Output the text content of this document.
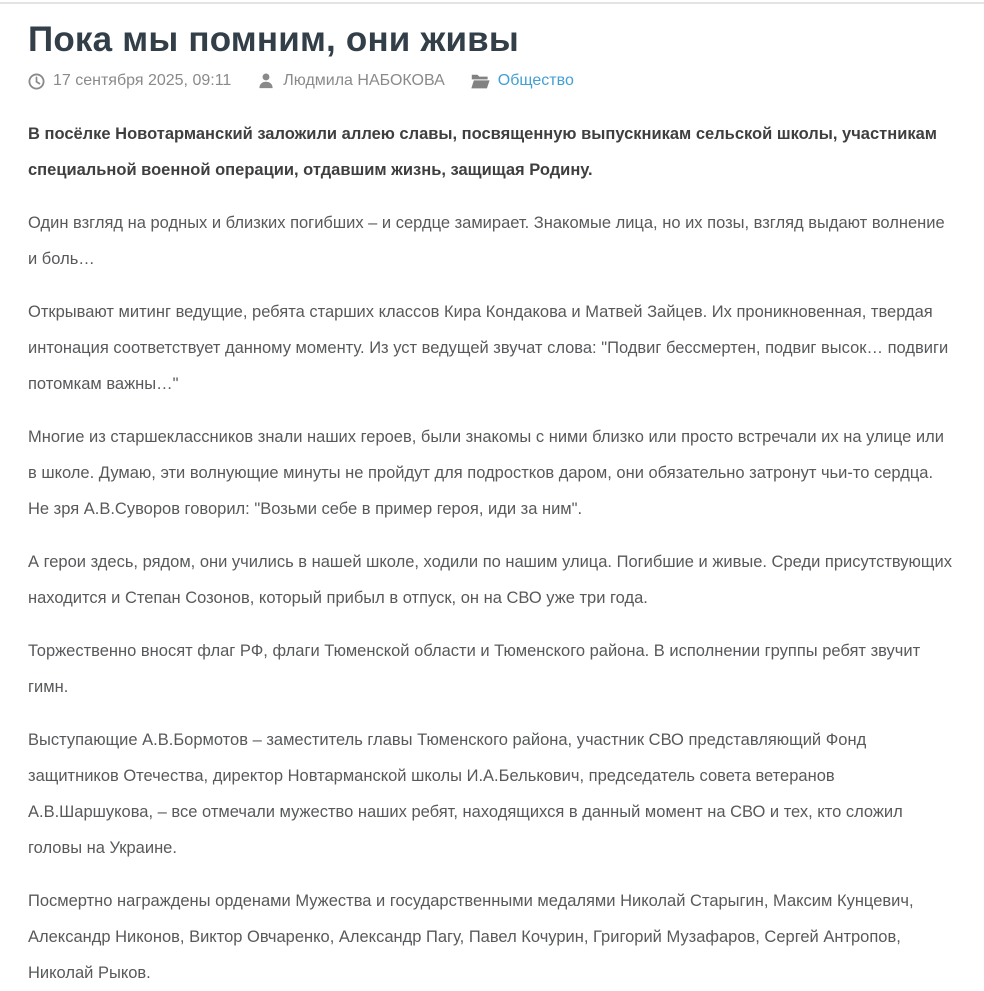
Пока мы помним, они живы
17 сентября 2025, 09:11	Людмила НАБОКОВА	Общество

В посёлке Новотарманский заложили аллею славы, посвященную выпускникам сельской школы, участникам специальной военной операции, отдавшим жизнь, защищая Родину.

Один взгляд на родных и близких погибших – и сердце замирает. Знакомые лица, но их позы, взгляд выдают волнение и боль…

Открывают митинг ведущие, ребята старших классов Кира Кондакова и Матвей Зайцев. Их проникновенная, твердая интонация соответствует данному моменту. Из уст ведущей звучат слова: "Подвиг бессмертен, подвиг высок… подвиги потомкам важны…"

Многие из старшеклассников знали наших героев, были знакомы с ними близко или просто встречали их на улице или в школе. Думаю, эти волнующие минуты не пройдут для подростков даром, они обязательно затронут чьи-то сердца. Не зря А.В.Суворов говорил: "Возьми себе в пример героя, иди за ним".

А герои здесь, рядом, они учились в нашей школе, ходили по нашим улица. Погибшие и живые. Среди присутствующих находится и Степан Созонов, который прибыл в отпуск, он на СВО уже три года.

Торжественно вносят флаг РФ, флаги Тюменской области и Тюменского района. В исполнении группы ребят звучит гимн.

Выступающие А.В.Бормотов – заместитель главы Тюменского района, участник СВО представляющий Фонд защитников Отечества, директор Новтарманской школы И.А.Белькович, председатель совета ветеранов А.В.Шаршукова, – все отмечали мужество наших ребят, находящихся в данный момент на СВО и тех, кто сложил головы на Украине.

Посмертно награждены орденами Мужества и государственными медалями Николай Старыгин, Максим Кунцевич, Александр Никонов, Виктор Овчаренко, Александр Пагу, Павел Кочурин, Григорий Музафаров, Сергей Антропов, Николай Рыков.
